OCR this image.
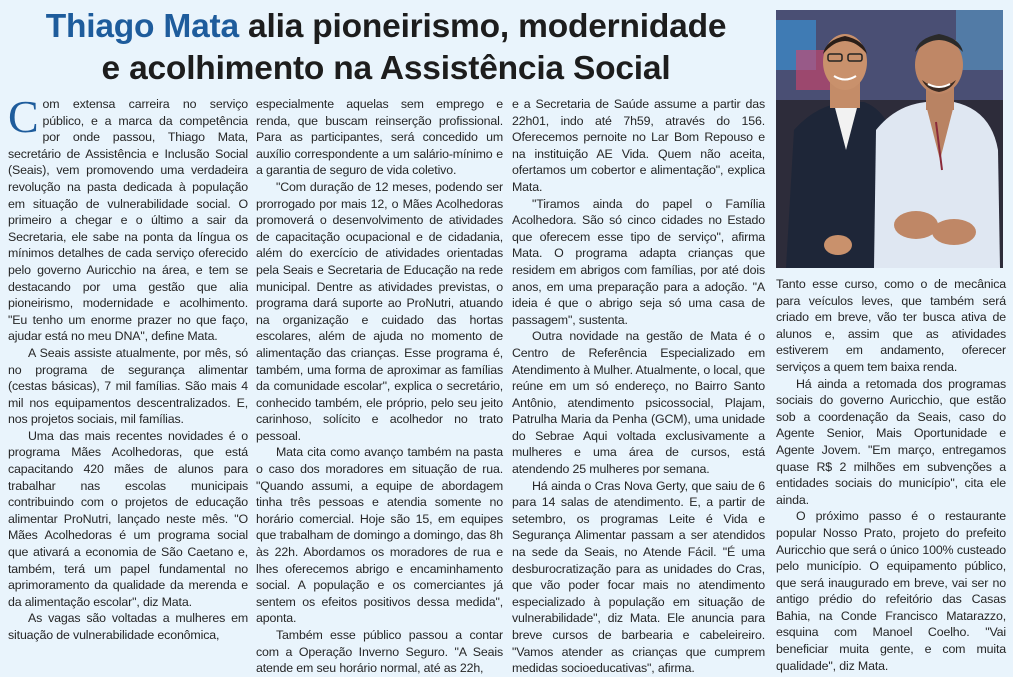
Thiago Mata alia pioneirismo, modernidade
e acolhimento na Assistência Social

Com extensa carreira no serviço público, e a marca da competência por onde passou, Thiago Mata, secretário de Assistência e Inclusão Social (Seais), vem promovendo uma verdadeira revolução na pasta dedicada à população em situação de vulnerabilidade social. O primeiro a chegar e o último a sair da Secretaria, ele sabe na ponta da língua os mínimos detalhes de cada serviço oferecido pelo governo Auricchio na área, e tem se destacando por uma gestão que alia pioneirismo, modernidade e acolhimento. "Eu tenho um enorme prazer no que faço, ajudar está no meu DNA", define Mata.

A Seais assiste atualmente, por mês, só no programa de segurança alimentar (cestas básicas), 7 mil famílias. São mais 4 mil nos equipamentos descentralizados. E, nos projetos sociais, mil famílias.

Uma das mais recentes novidades é o programa Mães Acolhedoras, que está capacitando 420 mães de alunos para trabalhar nas escolas municipais contribuindo com o projetos de educação alimentar ProNutri, lançado neste mês. "O Mães Acolhedoras é um programa social que ativará a economia de São Caetano e, também, terá um papel fundamental no aprimoramento da qualidade da merenda e da alimentação escolar", diz Mata.

As vagas são voltadas a mulheres em situação de vulnerabilidade econômica,

especialmente aquelas sem emprego e renda, que buscam reinserção profissional. Para as participantes, será concedido um auxílio correspondente a um salário-mínimo e a garantia de seguro de vida coletivo.

"Com duração de 12 meses, podendo ser prorrogado por mais 12, o Mães Acolhedoras promoverá o desenvolvimento de atividades de capacitação ocupacional e de cidadania, além do exercício de atividades orientadas pela Seais e Secretaria de Educação na rede municipal. Dentre as atividades previstas, o programa dará suporte ao ProNutri, atuando na organização e cuidado das hortas escolares, além de ajuda no momento de alimentação das crianças. Esse programa é, também, uma forma de aproximar as famílias da comunidade escolar", explica o secretário, conhecido também, ele próprio, pelo seu jeito carinhoso, solícito e acolhedor no trato pessoal.

Mata cita como avanço também na pasta o caso dos moradores em situação de rua. "Quando assumi, a equipe de abordagem tinha três pessoas e atendia somente no horário comercial. Hoje são 15, em equipes que trabalham de domingo a domingo, das 8h às 22h. Abordamos os moradores de rua e lhes oferecemos abrigo e encaminhamento social. A população e os comerciantes já sentem os efeitos positivos dessa medida", aponta.

Também esse público passou a contar com a Operação Inverno Seguro. "A Seais atende em seu horário normal, até as 22h,

e a Secretaria de Saúde assume a partir das 22h01, indo até 7h59, através do 156. Oferecemos pernoite no Lar Bom Repouso e na instituição AE Vida. Quem não aceita, ofertamos um cobertor e alimentação", explica Mata.

"Tiramos ainda do papel o Família Acolhedora. São só cinco cidades no Estado que oferecem esse tipo de serviço", afirma Mata. O programa adapta crianças que residem em abrigos com famílias, por até dois anos, em uma preparação para a adoção. "A ideia é que o abrigo seja só uma casa de passagem", sustenta.

Outra novidade na gestão de Mata é o Centro de Referência Especializado em Atendimento à Mulher. Atualmente, o local, que reúne em um só endereço, no Bairro Santo Antônio, atendimento psicossocial, Plajam, Patrulha Maria da Penha (GCM), uma unidade do Sebrae Aqui voltada exclusivamente a mulheres e uma área de cursos, está atendendo 25 mulheres por semana.

Há ainda o Cras Nova Gerty, que saiu de 6 para 14 salas de atendimento. E, a partir de setembro, os programas Leite é Vida e Segurança Alimentar passam a ser atendidos na sede da Seais, no Atende Fácil. "É uma desburocratização para as unidades do Cras, que vão poder focar mais no atendimento especializado à população em situação de vulnerabilidade", diz Mata. Ele anuncia para breve cursos de barbearia e cabeleireiro. "Vamos atender as crianças que cumprem medidas socioeducativas", afirma.

Tanto esse curso, como o de mecânica para veículos leves, que também será criado em breve, vão ter busca ativa de alunos e, assim que as atividades estiverem em andamento, oferecer serviços a quem tem baixa renda.

Há ainda a retomada dos programas sociais do governo Auricchio, que estão sob a coordenação da Seais, caso do Agente Senior, Mais Oportunidade e Agente Jovem. "Em março, entregamos quase R$ 2 milhões em subvenções a entidades sociais do município", cita ele ainda.

O próximo passo é o restaurante popular Nosso Prato, projeto do prefeito Auricchio que será o único 100% custeado pelo município. O equipamento público, que será inaugurado em breve, vai ser no antigo prédio do refeitório das Casas Bahia, na Conde Francisco Matarazzo, esquina com Manoel Coelho. "Vai beneficiar muita gente, e com muita qualidade", diz Mata.
